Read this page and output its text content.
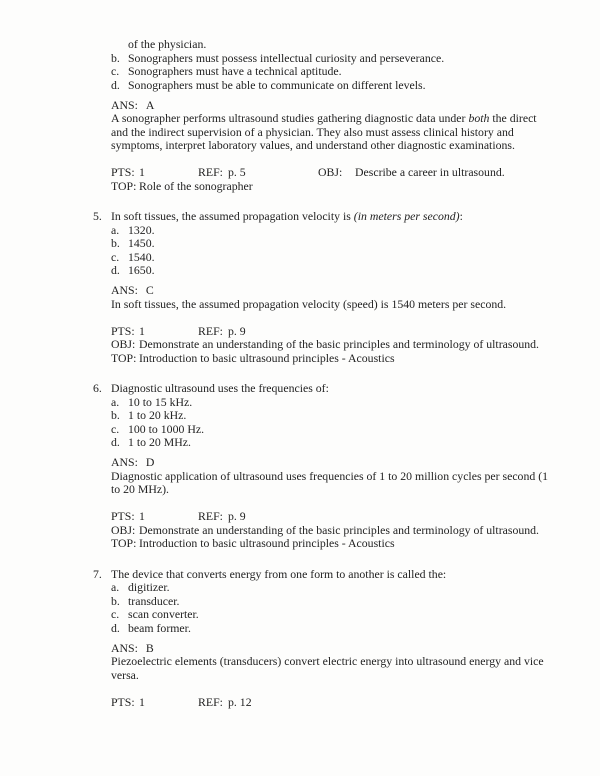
of the physician.
b. Sonographers must possess intellectual curiosity and perseverance.
c. Sonographers must have a technical aptitude.
d. Sonographers must be able to communicate on different levels.
ANS: A
A sonographer performs ultrasound studies gathering diagnostic data under both the direct
and the indirect supervision of a physician. They also must assess clinical history and
symptoms, interpret laboratory values, and understand other diagnostic examinations.
PTS: 1	REF: p. 5	OBJ:	Describe a career in ultrasound.
TOP: Role of the sonographer
5. In soft tissues, the assumed propagation velocity is (in meters per second):
a. 1320.
b. 1450.
c. 1540.
d. 1650.
ANS: C
In soft tissues, the assumed propagation velocity (speed) is 1540 meters per second.
PTS: 1	REF: p. 9
OBJ: Demonstrate an understanding of the basic principles and terminology of ultrasound.
TOP: Introduction to basic ultrasound principles - Acoustics
6. Diagnostic ultrasound uses the frequencies of:
a. 10 to 15 kHz.
b. 1 to 20 kHz.
c. 100 to 1000 Hz.
d. 1 to 20 MHz.
ANS: D
Diagnostic application of ultrasound uses frequencies of 1 to 20 million cycles per second (1
to 20 MHz).
PTS: 1	REF: p. 9
OBJ: Demonstrate an understanding of the basic principles and terminology of ultrasound.
TOP: Introduction to basic ultrasound principles - Acoustics
7. The device that converts energy from one form to another is called the:
a. digitizer.
b. transducer.
c. scan converter.
d. beam former.
ANS: B
Piezoelectric elements (transducers) convert electric energy into ultrasound energy and vice
versa.
PTS: 1	REF: p. 12
